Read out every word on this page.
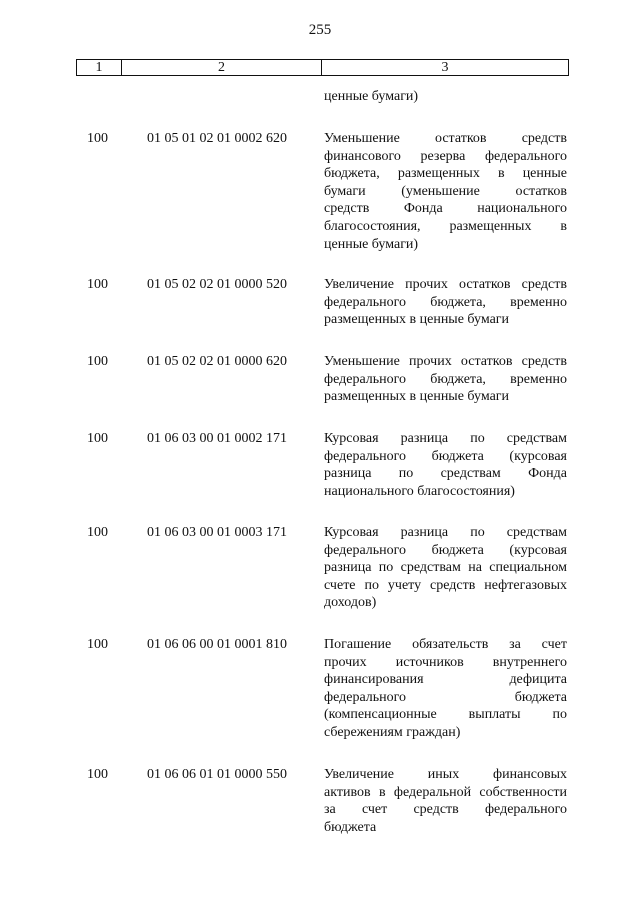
255
1	2	3
ценные бумаги)
100	01 05 01 02 01 0002 620	Уменьшение остатков средств
финансового резерва федерального
бюджета, размещенных в ценные
бумаги (уменьшение остатков
средств Фонда национального
благосостояния, размещенных в
ценные бумаги)
100	01 05 02 02 01 0000 520	Увеличение прочих остатков средств
федерального бюджета, временно
размещенных в ценные бумаги
100	01 05 02 02 01 0000 620	Уменьшение прочих остатков средств
федерального бюджета, временно
размещенных в ценные бумаги
100	01 06 03 00 01 0002 171	Курсовая разница по средствам
федерального бюджета (курсовая
разница по средствам Фонда
национального благосостояния)
100	01 06 03 00 01 0003 171	Курсовая разница по средствам
федерального бюджета (курсовая
разница по средствам на специальном
счете по учету средств нефтегазовых
доходов)
100	01 06 06 00 01 0001 810	Погашение обязательств за счет
прочих источников внутреннего
финансирования дефицита
федерального бюджета
(компенсационные выплаты по
сбережениям граждан)
100	01 06 06 01 01 0000 550	Увеличение иных финансовых
активов в федеральной собственности
за счет средств федерального
бюджета
